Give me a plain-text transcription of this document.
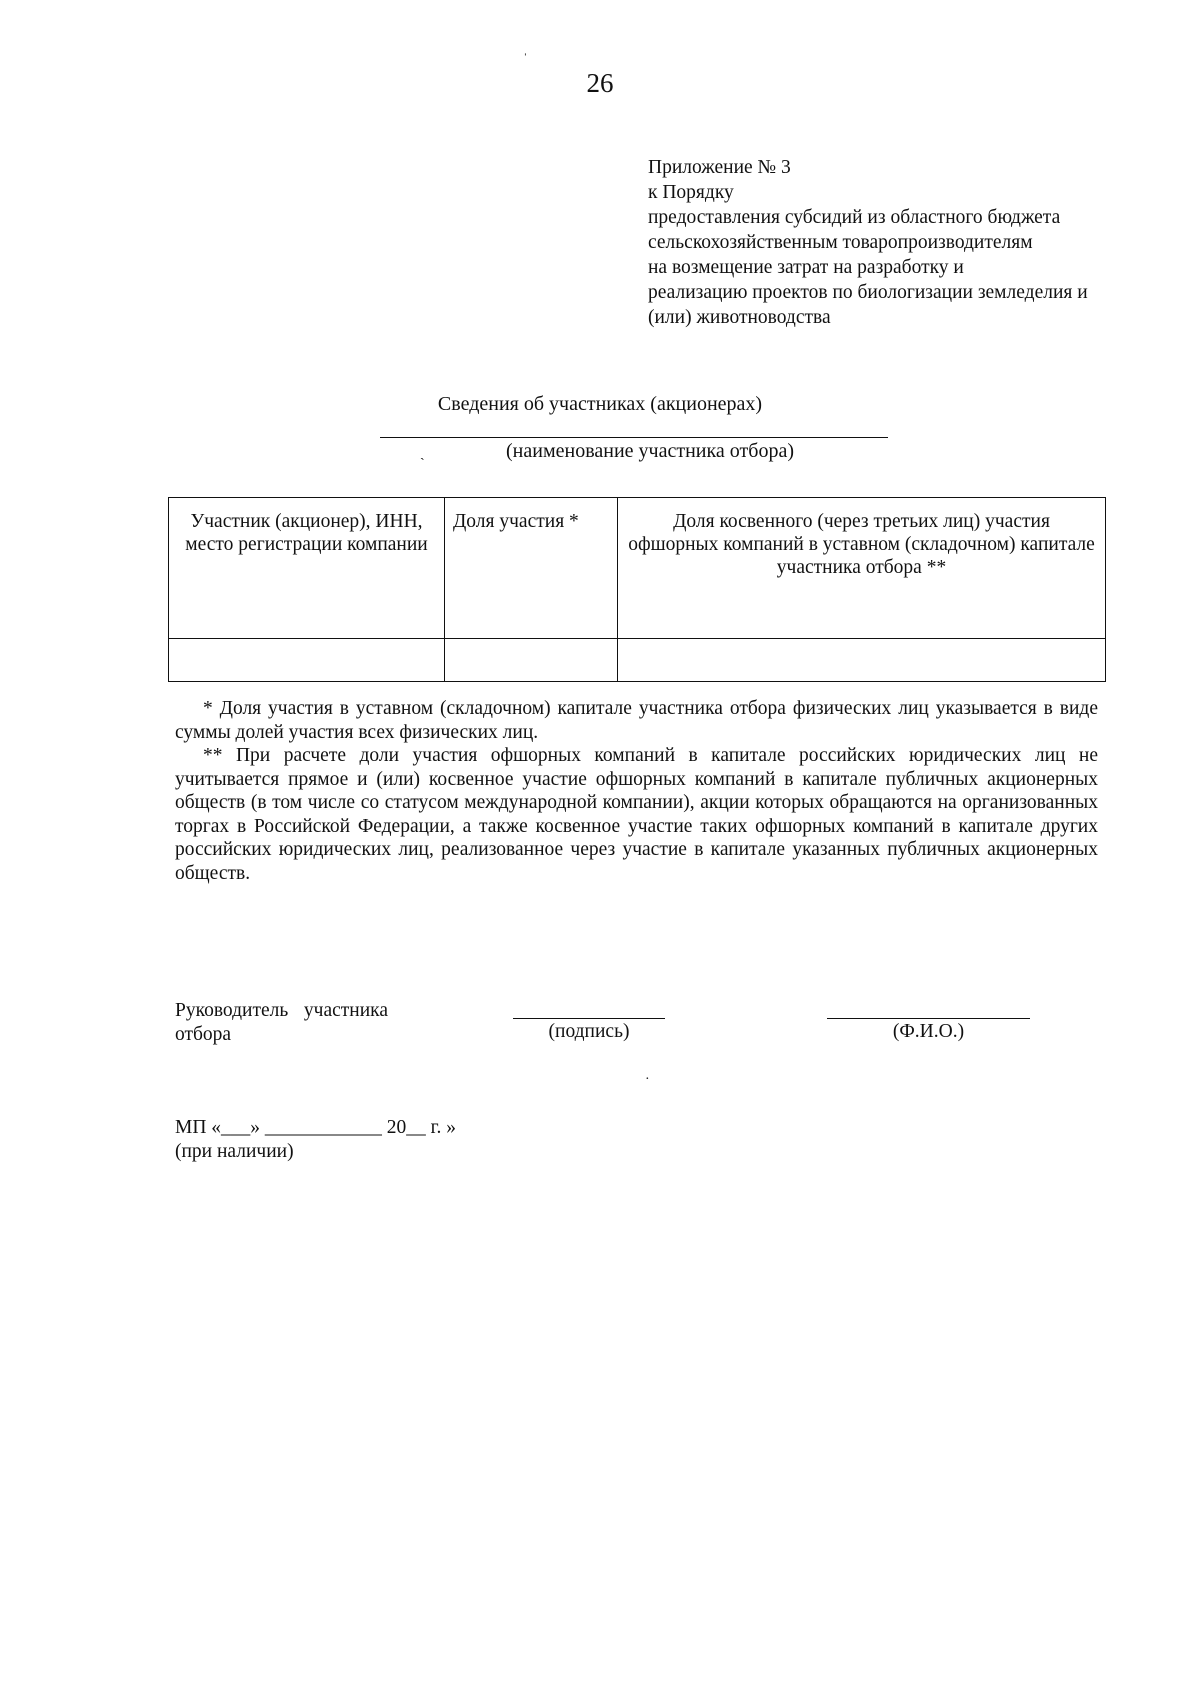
ˈ
26
Приложение № 3
к Порядку
предоставления субсидий из областного бюджета
сельскохозяйственным товаропроизводителям
на возмещение затрат на разработку и
реализацию проектов по биологизации земледелия и
(или) животноводства
Сведения об участниках (акционерах)
ˏ	(наименование участника отбора)
Участник (акционер), ИНН, место регистрации компании	Доля участия *	Доля косвенного (через третьих лиц) участия офшорных компаний в уставном (складочном) капитале участника отбора **

* Доля участия в уставном (складочном) капитале участника отбора физических лиц указывается в виде суммы долей участия всех физических лиц.

** При расчете доли участия офшорных компаний в капитале российских юридических лиц не учитывается прямое и (или) косвенное участие офшорных компаний в капитале публичных акционерных обществ (в том числе со статусом международной компании), акции которых обращаются на организованных торгах в Российской Федерации, а также косвенное участие таких офшорных компаний в капитале других российских юридических лиц, реализованное через участие в капитале указанных публичных акционерных обществ.

Руководитель участника
отбора	(подпись)	(Ф.И.О.)
·
МП «___» ____________ 20__ г. »
(при наличии)
